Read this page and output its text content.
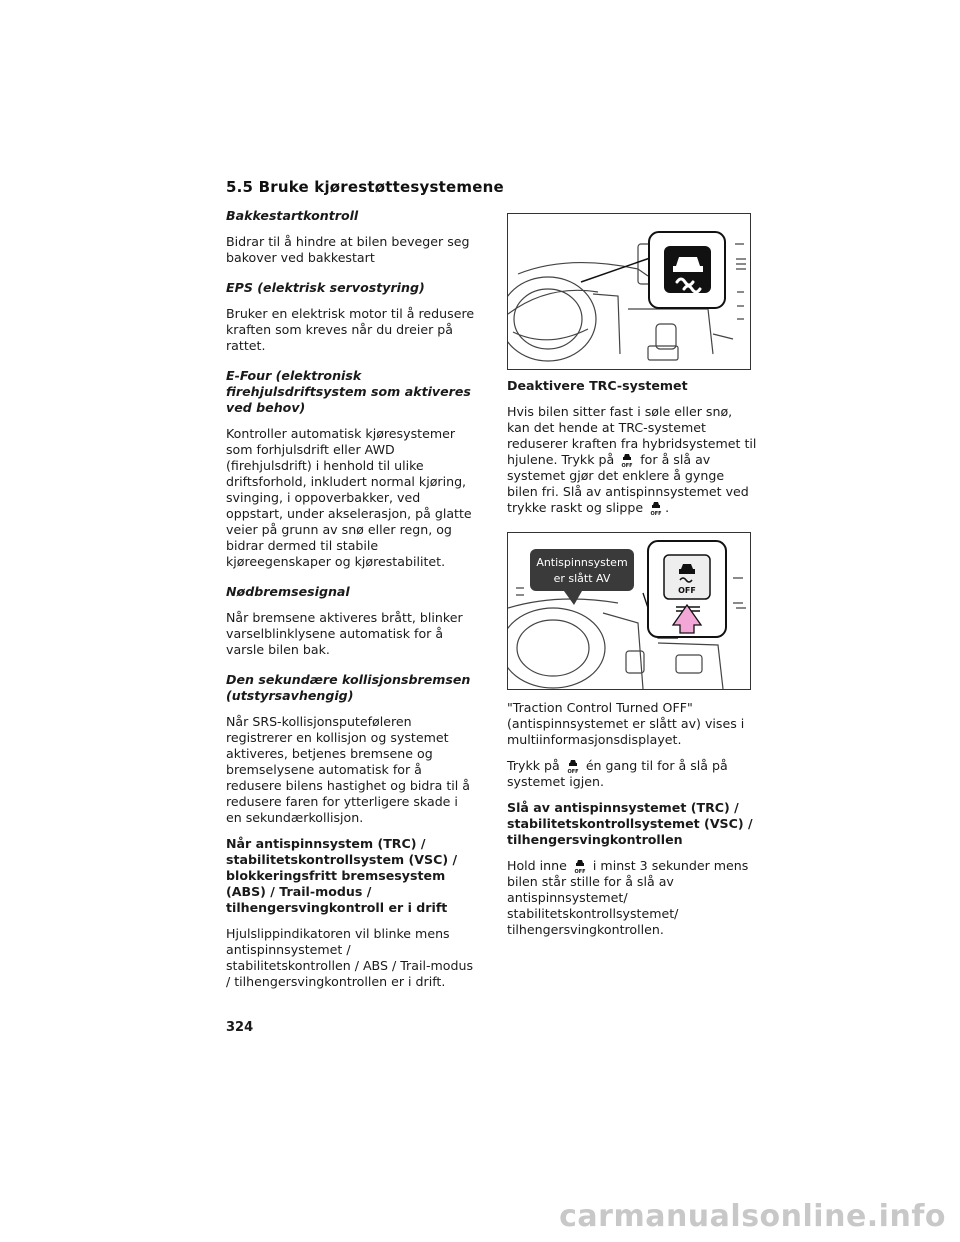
5.5 Bruke kjørestøttesystemene

Bakkestartkontroll

Bidrar til å hindre at bilen beveger seg bakover ved bakkestart

EPS (elektrisk servostyring)

Bruker en elektrisk motor til å redusere kraften som kreves når du dreier på rattet.

E-Four (elektronisk firehjulsdriftsystem som aktiveres ved behov)

Kontroller automatisk kjøresystemer som forhjulsdrift eller AWD (firehjulsdrift) i henhold til ulike driftsforhold, inkludert normal kjøring, svinging, i oppoverbakker, ved oppstart, under akselerasjon, på glatte veier på grunn av snø eller regn, og bidrar dermed til stabile kjøreegenskaper og kjørestabilitet.

Nødbremsesignal

Når bremsene aktiveres brått, blinker varselblinklysene automatisk for å varsle bilen bak.

Den sekundære kollisjonsbremsen (utstyrsavhengig)

Når SRS-kollisjonsputeføleren registrerer en kollisjon og systemet aktiveres, betjenes bremsene og bremselysene automatisk for å redusere bilens hastighet og bidra til å redusere faren for ytterligere skade i en sekundærkollisjon.

Når antispinnsystem (TRC) / stabilitetskontrollsystem (VSC) / blokkeringsfritt bremsesystem (ABS) / Trail-modus / tilhengersvingkontroll er i drift

Hjulslippindikatoren vil blinke mens antispinnsystemet / stabilitetskontrollen / ABS / Trail-modus / tilhengersvingkontrollen er i drift.

Deaktivere TRC-systemet

Hvis bilen sitter fast i søle eller snø, kan det hende at TRC-systemet reduserer kraften fra hybridsystemet til hjulene. Trykk på OFF for å slå av systemet gjør det enklere å gynge bilen fri. Slå av antispinnsystemet ved trykke raskt og slippe OFF .

OFF
Antispinnsystem
er slått AV

"Traction Control Turned OFF" (antispinnsystemet er slått av) vises i multiinformasjonsdisplayet.

Trykk på OFF én gang til for å slå på systemet igjen.

Slå av antispinnsystemet (TRC) / stabilitetskontrollsystemet (VSC) / tilhengersvingkontrollen

Hold inne OFF i minst 3 sekunder mens bilen står stille for å slå av antispinnsystemet/ stabilitetskontrollsystemet/ tilhengersvingkontrollen.

324
carmanualsonline.info
